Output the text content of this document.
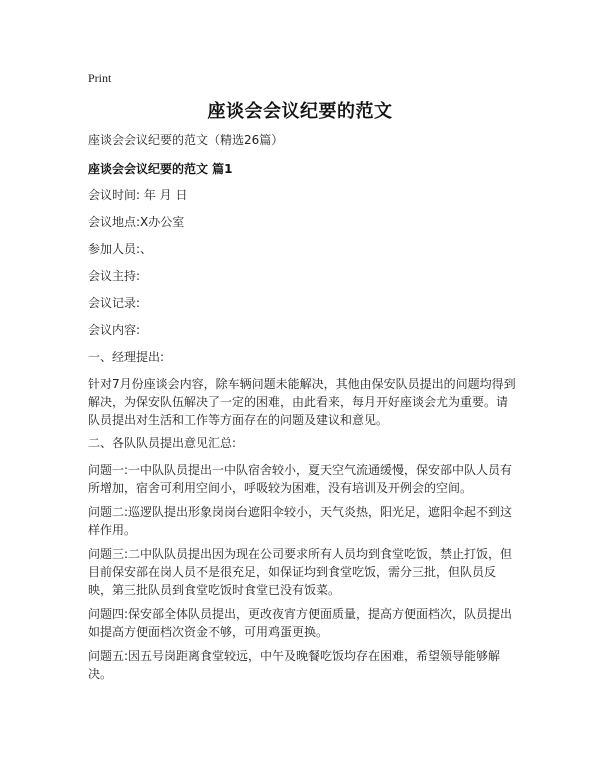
Print
座谈会会议纪要的范文

座谈会会议纪要的范文（精选26篇）

座谈会会议纪要的范文 篇1

会议时间: 年 月 日

会议地点:X办公室

参加人员:、

会议主持:

会议记录:

会议内容:

一、经理提出:

针对7月份座谈会内容，除车辆问题未能解决，其他由保安队员提出的问题均得到解决，为保安队伍解决了一定的困难，由此看来，每月开好座谈会尤为重要。请队员提出对生活和工作等方面存在的问题及建议和意见。

二、各队队员提出意见汇总:

问题一:一中队队员提出一中队宿舍较小，夏天空气流通缓慢，保安部中队人员有所增加，宿舍可利用空间小，呼吸较为困难，没有培训及开例会的空间。

问题二:巡逻队提出形象岗岗台遮阳伞较小，天气炎热，阳光足，遮阳伞起不到这样作用。

问题三:二中队队员提出因为现在公司要求所有人员均到食堂吃饭，禁止打饭，但目前保安部在岗人员不是很充足，如保证均到食堂吃饭，需分三批，但队员反映，第三批队员到食堂吃饭时食堂已没有饭菜。

问题四:保安部全体队员提出，更改夜宵方便面质量，提高方便面档次，队员提出如提高方便面档次资金不够，可用鸡蛋更换。

问题五:因五号岗距离食堂较远，中午及晚餐吃饭均存在困难，希望领导能够解决。
